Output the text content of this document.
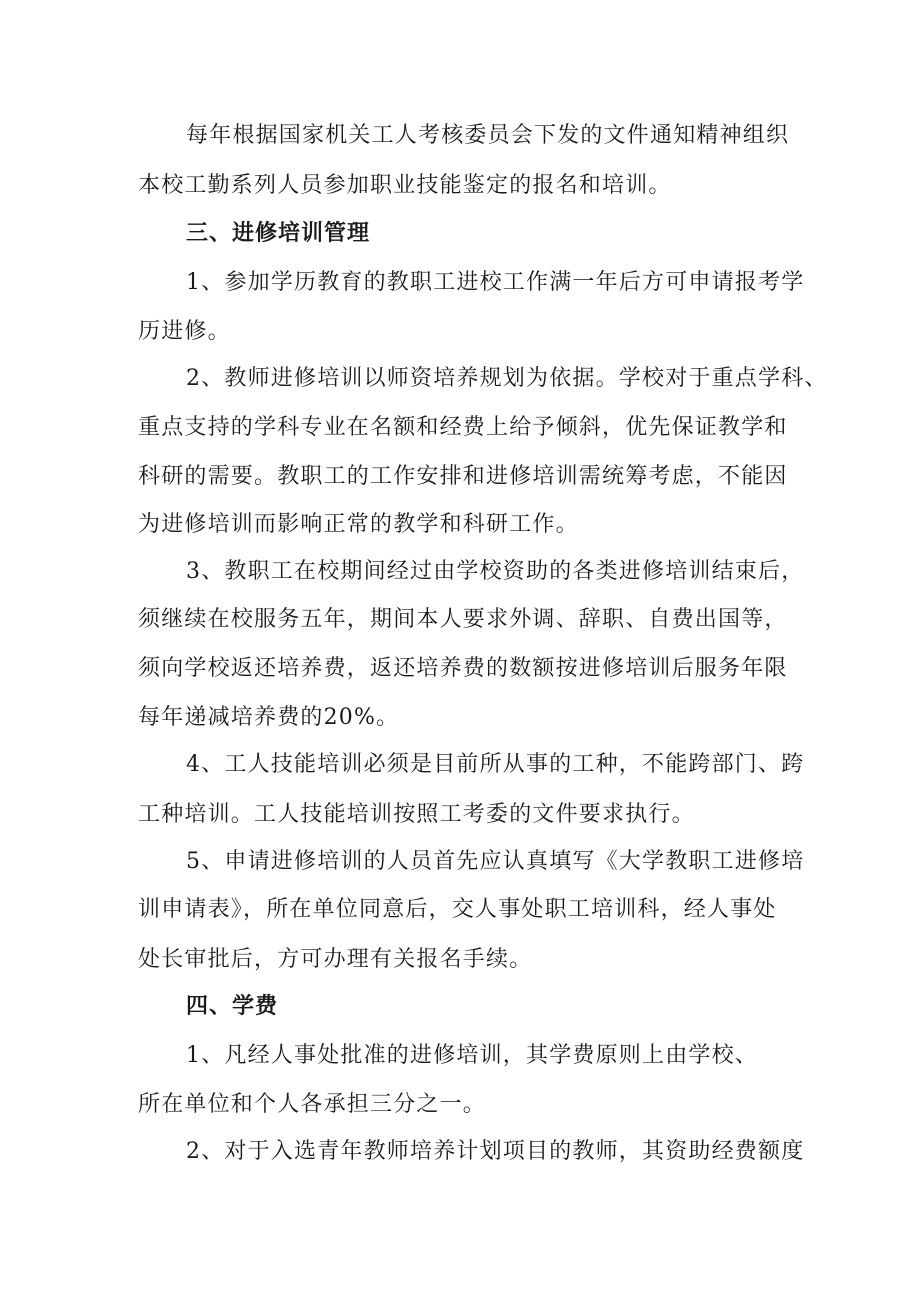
每年根据国家机关工人考核委员会下发的文件通知精神组织
本校工勤系列人员参加职业技能鉴定的报名和培训。
三、进修培训管理
1、参加学历教育的教职工进校工作满一年后方可申请报考学
历进修。
2、教师进修培训以师资培养规划为依据。学校对于重点学科、
重点支持的学科专业在名额和经费上给予倾斜，优先保证教学和
科研的需要。教职工的工作安排和进修培训需统筹考虑，不能因
为进修培训而影响正常的教学和科研工作。
3、教职工在校期间经过由学校资助的各类进修培训结束后，
须继续在校服务五年，期间本人要求外调、辞职、自费出国等，
须向学校返还培养费，返还培养费的数额按进修培训后服务年限
每年递减培养费的20%。
4、工人技能培训必须是目前所从事的工种，不能跨部门、跨
工种培训。工人技能培训按照工考委的文件要求执行。
5、申请进修培训的人员首先应认真填写《大学教职工进修培
训申请表》，所在单位同意后，交人事处职工培训科，经人事处
处长审批后，方可办理有关报名手续。
四、学费
1、凡经人事处批准的进修培训，其学费原则上由学校、
所在单位和个人各承担三分之一。
2、对于入选青年教师培养计划项目的教师，其资助经费额度
